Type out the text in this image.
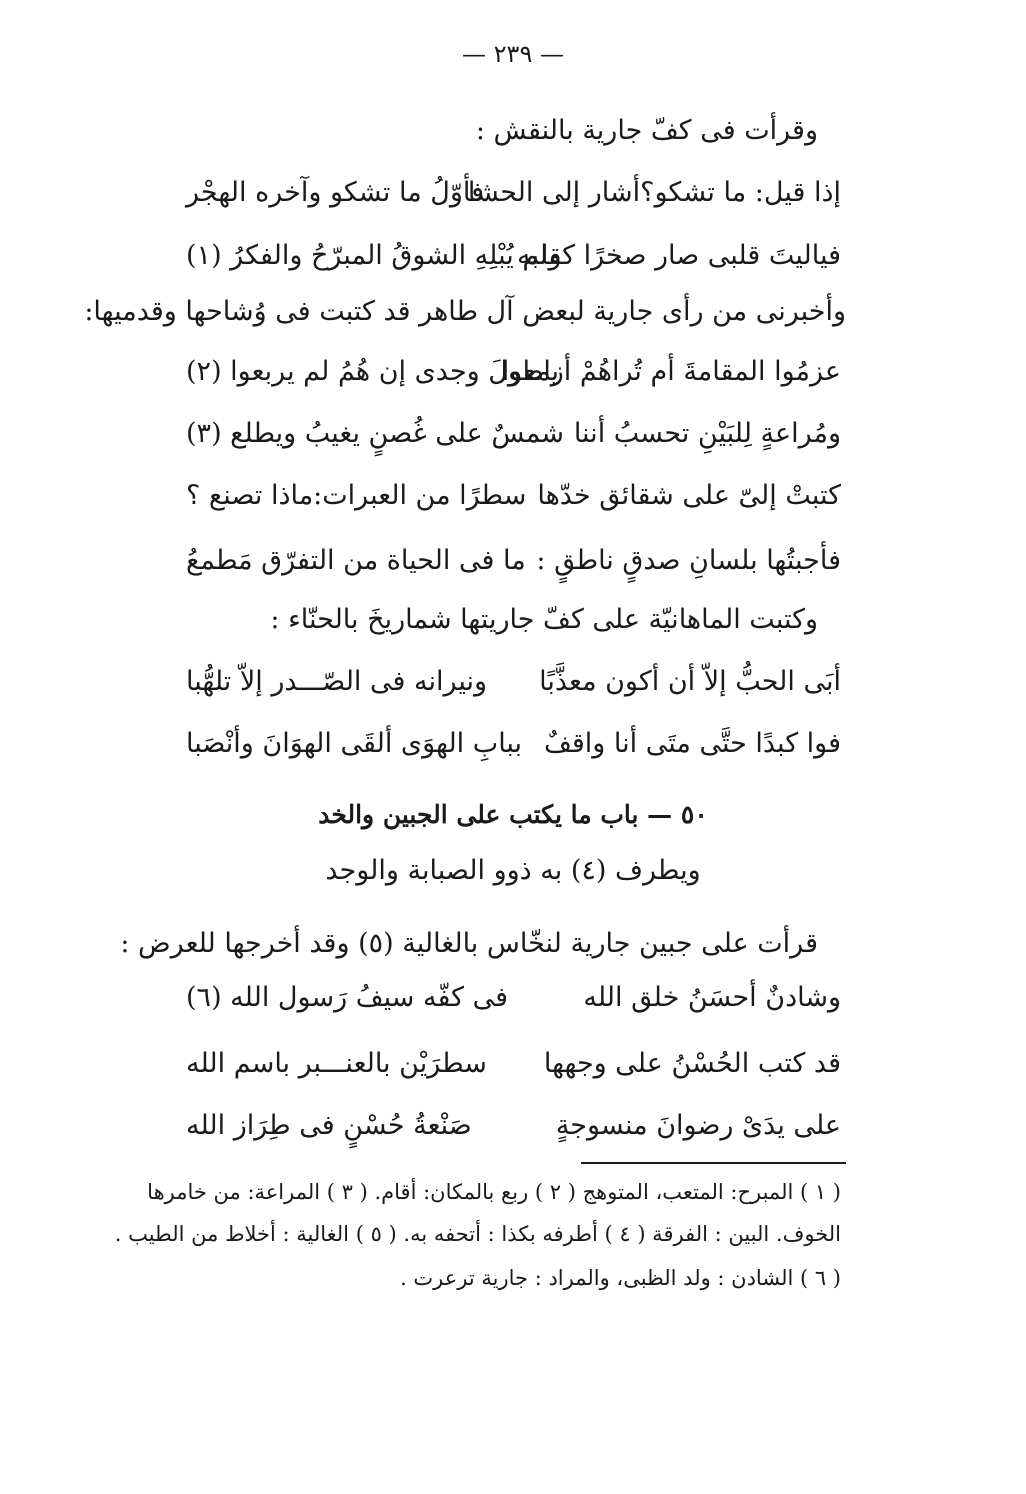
— ٢٣٩ —
وقرأت فى كفّ جارية بالنقش :
إذا قيل: ما تشكو؟أشار إلى الحشا
فأوّلُ ما تشكو وآخره الهجْر
فياليتَ قلبى صار صخرًا كقلبه
ولم يُبْلِهِ الشوقُ المبرّحُ والفكرُ (١)
وأخبرنى من رأى جارية لبعض آل طاهر قد كتبت فى وُشاحها وقدميها:
عزمُوا المقامةَ أم تُراهُمْ أزمعوا
ياطولَ وجدى إن هُمُ لم يربعوا (٢)
ومُراعةٍ لِلبَيْنِ تحسبُ أننا
شمسٌ على غُصنٍ يغيبُ ويطلع (٣)
كتبتْ إلىّ على شقائق خدّها
سطرًا من العبرات:ماذا تصنع ؟
فأجبتُها بلسانِ صدقٍ ناطقٍ :
ما فى الحياة من التفرّق مَطمعُ
وكتبت الماهانيّة على كفّ جاريتها شماريخَ بالحنّاء :
أبَى الحبُّ إلاّ أن أكون معذَّبًا
ونيرانه فى الصّـــدر إلاّ تلهُّبا
فوا كبدًا حتَّى متَى أنا واقفٌ
ببابِ الهوَى ألقَى الهوَانَ وأنْصَبا
٥٠ — باب ما يكتب على الجبين والخد
ويطرف (٤) به ذوو الصبابة والوجد
قرأت على جبين جارية لنخّاس بالغالية (٥) وقد أخرجها للعرض :
وشادنٌ أحسَنُ خلق الله
فى كفّه سيفُ رَسول الله (٦)
قد كتب الحُسْنُ على وجهها
سطرَيْن بالعنـــبر باسم الله
على يدَىْ رضوانَ منسوجةٍ
صَنْعةُ حُسْنٍ فى طِرَاز الله
( ١ ) المبرح: المتعب، المتوهج ( ٢ ) ربع بالمكان: أقام. ( ٣ ) المراعة: من خامرها
الخوف. البين : الفرقة ( ٤ ) أطرفه بكذا : أتحفه به. ( ٥ ) الغالية : أخلاط من الطيب .
( ٦ ) الشادن : ولد الظبى، والمراد : جارية ترعرت .
